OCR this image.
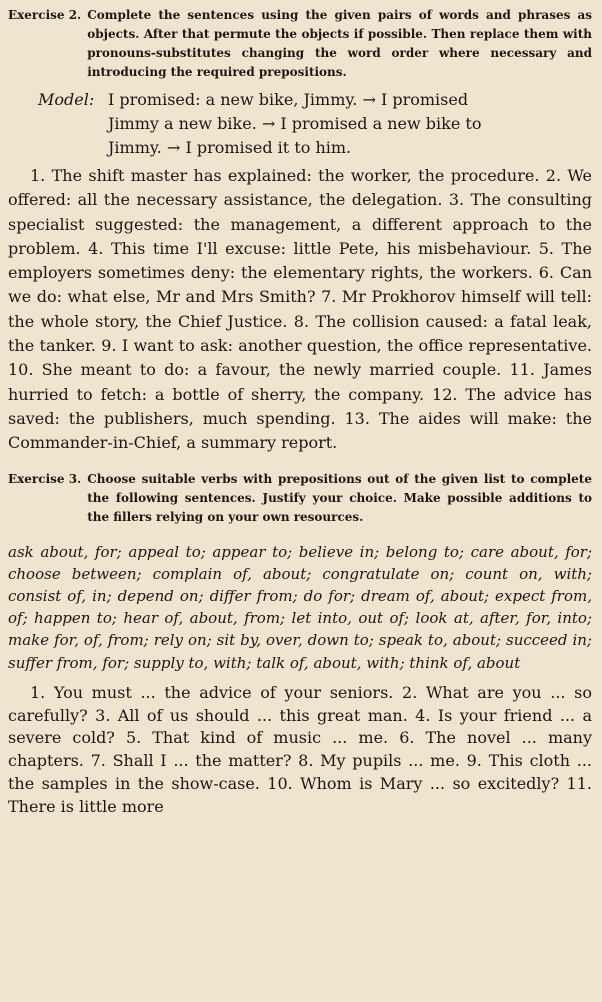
Exercise 2. Complete the sentences using the given pairs of words and phrases as objects. After that permute the objects if possible. Then replace them with pronouns-substitutes changing the word order where necessary and introducing the required prepositions.
Model: I promised: a new bike, Jimmy. → I promised
Jimmy a new bike. → I promised a new bike to
Jimmy. → I promised it to him.
1. The shift master has explained: the worker, the procedure. 2. We offered: all the necessary assistance, the delegation. 3. The consulting specialist suggested: the management, a different approach to the problem. 4. This time I'll excuse: little Pete, his misbehaviour. 5. The employers sometimes deny: the elementary rights, the workers. 6. Can we do: what else, Mr and Mrs Smith? 7. Mr Prokhorov himself will tell: the whole story, the Chief Justice. 8. The collision caused: a fatal leak, the tanker. 9. I want to ask: another question, the office representative. 10. She meant to do: a favour, the newly married couple. 11. James hurried to fetch: a bottle of sherry, the company. 12. The advice has saved: the publishers, much spending. 13. The aides will make: the Commander-in-Chief, a summary report.
Exercise 3. Choose suitable verbs with prepositions out of the given list to complete the following sentences. Justify your choice. Make possible additions to the fillers relying on your own resources.
ask about, for; appeal to; appear to; believe in; belong to; care about, for; choose between; complain of, about; congratulate on; count on, with; consist of, in; depend on; differ from; do for; dream of, about; expect from, of; happen to; hear of, about, from; let into, out of; look at, after, for, into; make for, of, from; rely on; sit by, over, down to; speak to, about; succeed in; suffer from, for; supply to, with; talk of, about, with; think of, about
1. You must ... the advice of your seniors. 2. What are you ... so carefully? 3. All of us should ... this great man. 4. Is your friend ... a severe cold? 5. That kind of music ... me. 6. The novel ... many chapters. 7. Shall I ... the matter? 8. My pupils ... me. 9. This cloth ... the samples in the show-case. 10. Whom is Mary ... so excitedly? 11. There is little more
